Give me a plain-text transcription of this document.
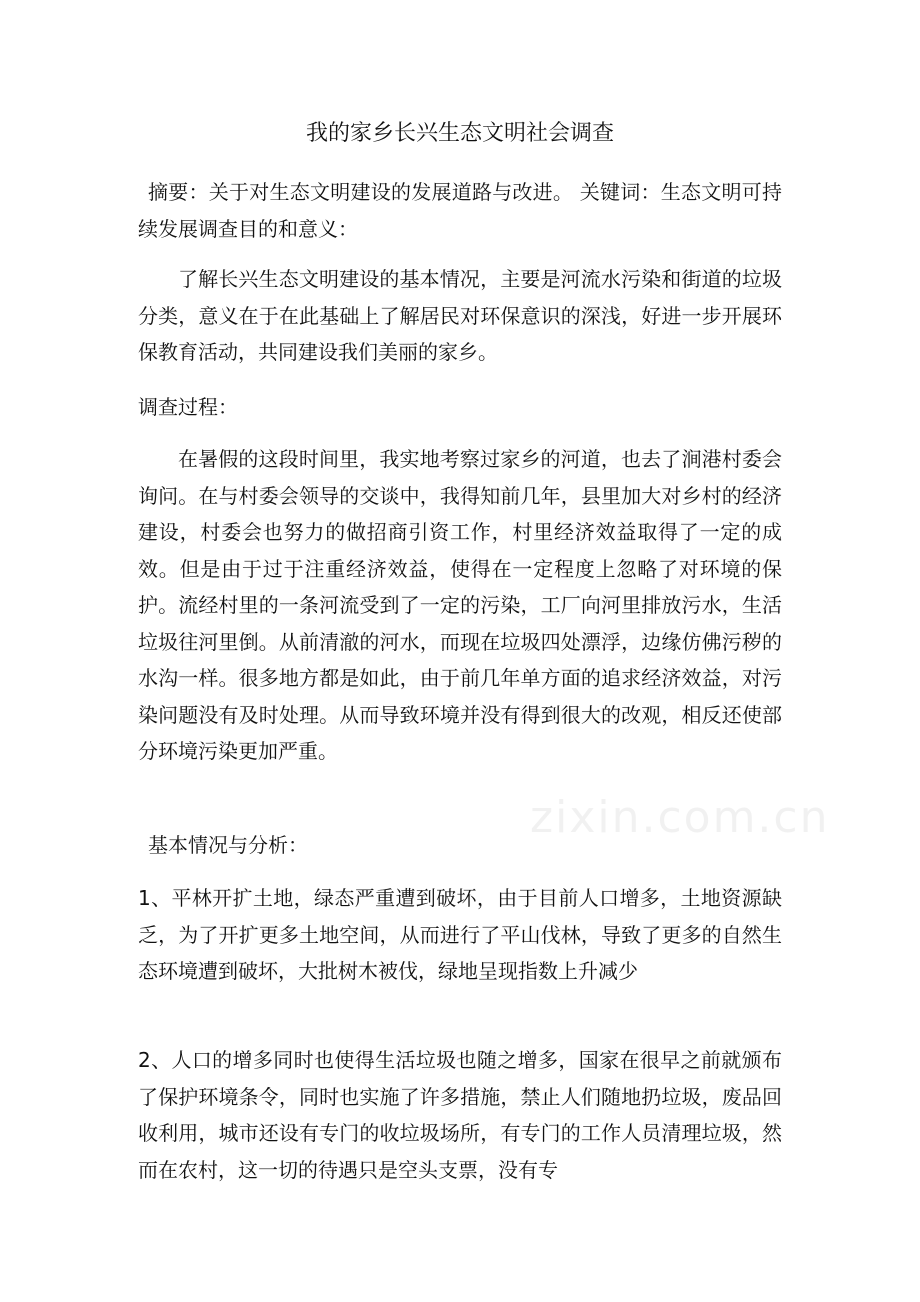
我的家乡长兴生态文明社会调查

摘要：关于对生态文明建设的发展道路与改进。 关键词：生态文明可持续发展调查目的和意义：

了解长兴生态文明建设的基本情况，主要是河流水污染和街道的垃圾分类，意义在于在此基础上了解居民对环保意识的深浅，好进一步开展环保教育活动，共同建设我们美丽的家乡。

调查过程：

在暑假的这段时间里，我实地考察过家乡的河道，也去了涧港村委会询问。在与村委会领导的交谈中，我得知前几年，县里加大对乡村的经济建设，村委会也努力的做招商引资工作，村里经济效益取得了一定的成效。但是由于过于注重经济效益，使得在一定程度上忽略了对环境的保护。流经村里的一条河流受到了一定的污染，工厂向河里排放污水，生活垃圾往河里倒。从前清澈的河水，而现在垃圾四处漂浮，边缘仿佛污秽的水沟一样。很多地方都是如此，由于前几年单方面的追求经济效益，对污染问题没有及时处理。从而导致环境并没有得到很大的改观，相反还使部分环境污染更加严重。

基本情况与分析：

1、平林开扩土地，绿态严重遭到破坏，由于目前人口增多，土地资源缺乏，为了开扩更多土地空间，从而进行了平山伐林，导致了更多的自然生态环境遭到破坏，大批树木被伐，绿地呈现指数上升减少

2、人口的增多同时也使得生活垃圾也随之增多，国家在很早之前就颁布了保护环境条令，同时也实施了许多措施，禁止人们随地扔垃圾，废品回收利用，城市还设有专门的收垃圾场所，有专门的工作人员清理垃圾，然而在农村，这一切的待遇只是空头支票，没有专

zixin.com.cn
